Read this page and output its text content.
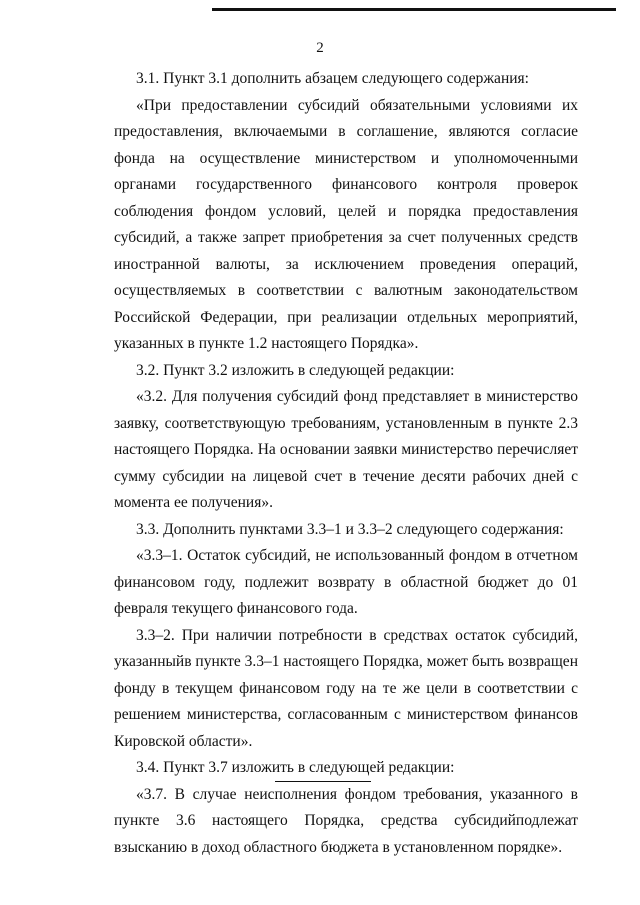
2

3.1. Пункт 3.1 дополнить абзацем следующего содержания:

«При предоставлении субсидий обязательными условиями их предоставления, включаемыми в соглашение, являются согласие фонда на осуществление министерством и уполномоченными органами государственного финансового контроля проверок соблюдения фондом условий, целей и порядка предоставления субсидий, а также запрет приобретения за счет полученных средств иностранной валюты, за исключением проведения операций, осуществляемых в соответствии с валютным законодательством Российской Федерации, при реализации отдельных мероприятий, указанных в пункте 1.2 настоящего Порядка».

3.2. Пункт 3.2 изложить в следующей редакции:

«3.2. Для получения субсидий фонд представляет в министерство заявку, соответствующую требованиям, установленным в пункте 2.3 настоящего Порядка. На основании заявки министерство перечисляет сумму субсидии на лицевой счет в течение десяти рабочих дней с момента ее получения».

3.3. Дополнить пунктами 3.3–1 и 3.3–2 следующего содержания:

«3.3–1. Остаток субсидий, не использованный фондом в отчетном финансовом году, подлежит возврату в областной бюджет до 01 февраля текущего финансового года.

3.3–2. При наличии потребности в средствах остаток субсидий, указанныйв пункте 3.3–1 настоящего Порядка, может быть возвращен фонду в текущем финансовом году на те же цели в соответствии с решением министерства, согласованным с министерством финансов Кировской области».

3.4. Пункт 3.7 изложить в следующей редакции:

«3.7. В случае неисполнения фондом требования, указанного в пункте 3.6 настоящего Порядка, средства субсидийподлежат взысканию в доход областного бюджета в установленном порядке».
